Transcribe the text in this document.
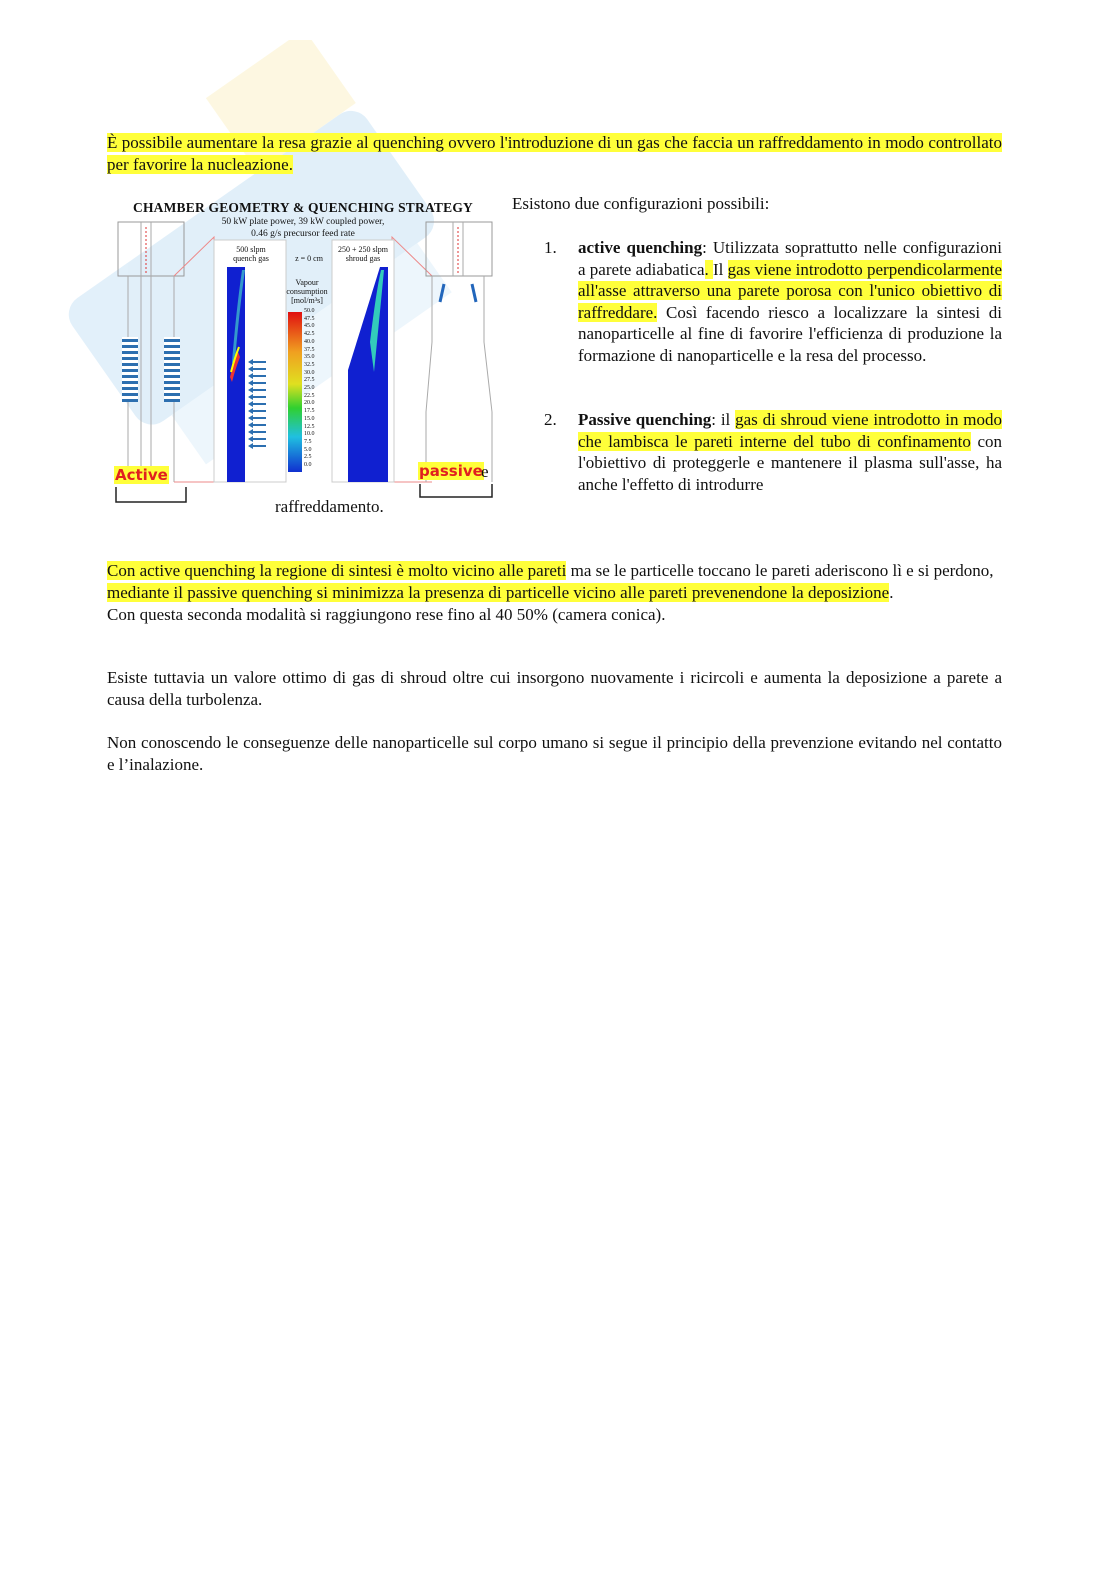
È possibile aumentare la resa grazie al quenching ovvero l'introduzione di un gas che faccia un raffreddamento in modo controllato per favorire la nucleazione.

CHAMBER GEOMETRY & QUENCHING STRATEGY
50 kW plate power, 39 kW coupled power,
0.46 g/s precursor feed rate
500 slpm
quench gas	z = 0 cm
250 + 250 slpm
shroud gas
Vapour
consumption
[mol/m³s]
50.0
47.5
45.0
42.5
40.0
37.5
35.0
32.5
30.0
27.5
25.0
22.5
20.0
17.5
15.0
12.5
10.0
7.5
5.0
2.5
0.0
Active	passive
e
raffreddamento.
Esistono due configurazioni possibili:
1. active quenching: Utilizzata soprattutto nelle configurazioni a parete adiabatica. Il gas viene introdotto perpendicolarmente all'asse attraverso una parete porosa con l'unico obiettivo di raffreddare. Così facendo riesco a localizzare la sintesi di nanoparticelle al fine di favorire l'efficienza di produzione la formazione di nanoparticelle e la resa del processo.
2. Passive quenching: il gas di shroud viene introdotto in modo che lambisca le pareti interne del tubo di confinamento con l'obiettivo di proteggerle e mantenere il plasma sull'asse, ha anche l'effetto di introdurre
Con active quenching la regione di sintesi è molto vicino alle pareti ma se le particelle toccano le pareti aderiscono lì e si perdono,
mediante il passive quenching si minimizza la presenza di particelle vicino alle pareti prevenendone la deposizione.
Con questa seconda modalità si raggiungono rese fino al 40 50% (camera conica).

Esiste tuttavia un valore ottimo di gas di shroud oltre cui insorgono nuovamente i ricircoli e aumenta la deposizione a parete a causa della turbolenza.

Non conoscendo le conseguenze delle nanoparticelle sul corpo umano si segue il principio della prevenzione evitando nel contatto e l’inalazione.
